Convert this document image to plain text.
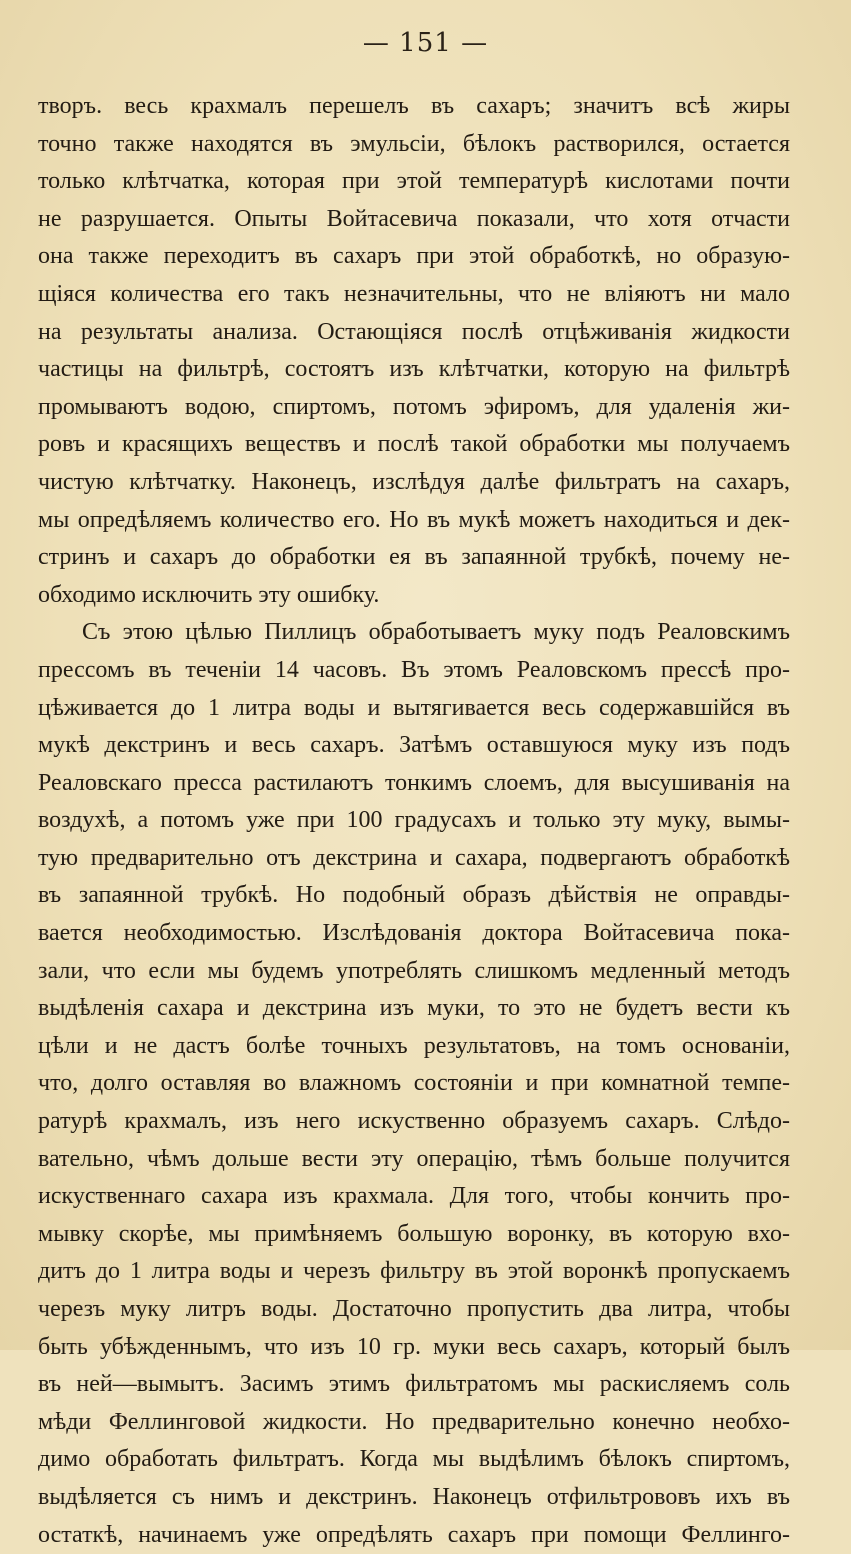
— 151 —
творъ. весь крахмалъ перешелъ въ сахаръ; значитъ всѣ жиры
точно также находятся въ эмульсіи, бѣлокъ растворился, остается
только клѣтчатка, которая при этой температурѣ кислотами почти
не разрушается. Опыты Войтасевича показали, что хотя отчасти
она также переходитъ въ сахаръ при этой обработкѣ, но образую-
щіяся количества его такъ незначительны, что не вліяютъ ни мало
на результаты анализа. Остающіяся послѣ отцѣживанія жидкости
частицы на фильтрѣ, состоятъ изъ клѣтчатки, которую на фильтрѣ
промываютъ водою, спиртомъ, потомъ эфиромъ, для удаленія жи-
ровъ и красящихъ веществъ и послѣ такой обработки мы получаемъ
чистую клѣтчатку. Наконецъ, изслѣдуя далѣе фильтратъ на сахаръ,
мы опредѣляемъ количество его. Но въ мукѣ можетъ находиться и дек-
стринъ и сахаръ до обработки ея въ запаянной трубкѣ, почему не-
обходимо исключить эту ошибку.
Съ этою цѣлью Пиллицъ обработываетъ муку подъ Реаловскимъ
прессомъ въ теченіи 14 часовъ. Въ этомъ Реаловскомъ прессѣ про-
цѣживается до 1 литра воды и вытягивается весь содержавшійся въ
мукѣ декстринъ и весь сахаръ. Затѣмъ оставшуюся муку изъ подъ
Реаловскаго пресса растилаютъ тонкимъ слоемъ, для высушиванія на
воздухѣ, а потомъ уже при 100 градусахъ и только эту муку, вымы-
тую предварительно отъ декстрина и сахара, подвергаютъ обработкѣ
въ запаянной трубкѣ. Но подобный образъ дѣйствія не оправды-
вается необходимостью. Изслѣдованія доктора Войтасевича пока-
зали, что если мы будемъ употреблять слишкомъ медленный методъ
выдѣленія сахара и декстрина изъ муки, то это не будетъ вести къ
цѣли и не дастъ болѣе точныхъ результатовъ, на томъ основаніи,
что, долго оставляя во влажномъ состояніи и при комнатной темпе-
ратурѣ крахмалъ, изъ него искуственно образуемъ сахаръ. Слѣдо-
вательно, чѣмъ дольше вести эту операцію, тѣмъ больше получится
искуственнаго сахара изъ крахмала. Для того, чтобы кончить про-
мывку скорѣе, мы примѣняемъ большую воронку, въ которую вхо-
дитъ до 1 литра воды и черезъ фильтру въ этой воронкѣ пропускаемъ
черезъ муку литръ воды. Достаточно пропустить два литра, чтобы
быть убѣжденнымъ, что изъ 10 гр. муки весь сахаръ, который былъ
въ ней—вымытъ. Засимъ этимъ фильтратомъ мы раскисляемъ соль
мѣди Феллинговой жидкости. Но предварительно конечно необхо-
димо обработать фильтратъ. Когда мы выдѣлимъ бѣлокъ спиртомъ,
выдѣляется съ нимъ и декстринъ. Наконецъ отфильтрововъ ихъ въ
остаткѣ, начинаемъ уже опредѣлять сахаръ при помощи Феллинго-
